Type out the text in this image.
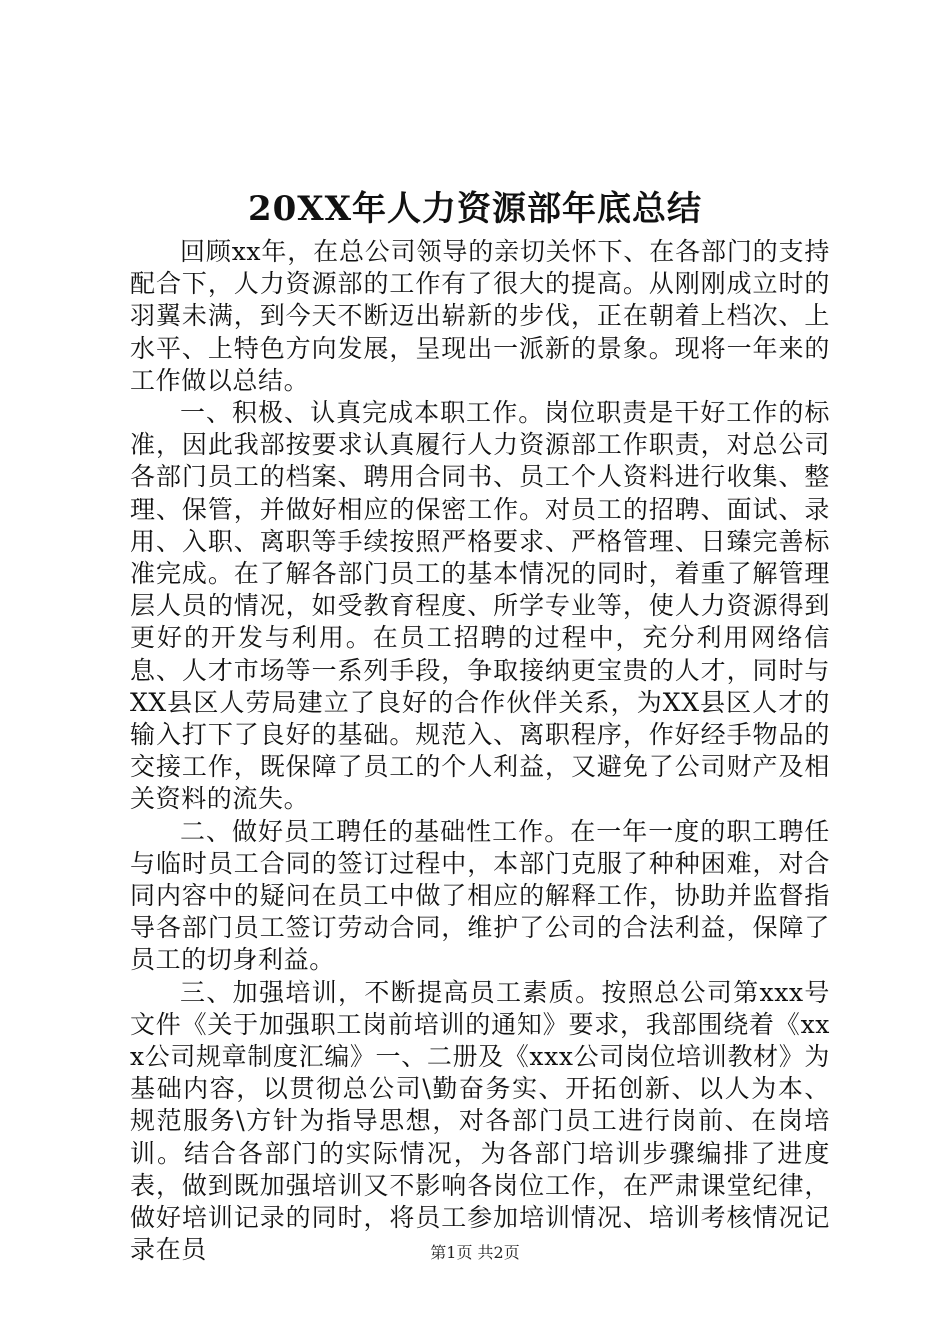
20XX年人力资源部年底总结

回顾xx年，在总公司领导的亲切关怀下、在各部门的支持配合下，人力资源部的工作有了很大的提高。从刚刚成立时的羽翼未满，到今天不断迈出崭新的步伐，正在朝着上档次、上水平、上特色方向发展，呈现出一派新的景象。现将一年来的工作做以总结。

一、积极、认真完成本职工作。岗位职责是干好工作的标准，因此我部按要求认真履行人力资源部工作职责，对总公司各部门员工的档案、聘用合同书、员工个人资料进行收集、整理、保管，并做好相应的保密工作。对员工的招聘、面试、录用、入职、离职等手续按照严格要求、严格管理、日臻完善标准完成。在了解各部门员工的基本情况的同时，着重了解管理层人员的情况，如受教育程度、所学专业等，使人力资源得到更好的开发与利用。在员工招聘的过程中，充分利用网络信息、人才市场等一系列手段，争取接纳更宝贵的人才，同时与XX县区人劳局建立了良好的合作伙伴关系，为XX县区人才的输入打下了良好的基础。规范入、离职程序，作好经手物品的交接工作，既保障了员工的个人利益，又避免了公司财产及相关资料的流失。

二、做好员工聘任的基础性工作。在一年一度的职工聘任与临时员工合同的签订过程中，本部门克服了种种困难，对合同内容中的疑问在员工中做了相应的解释工作，协助并监督指导各部门员工签订劳动合同，维护了公司的合法利益，保障了员工的切身利益。

三、加强培训，不断提高员工素质。按照总公司第xxx号文件《关于加强职工岗前培训的通知》要求，我部围绕着《xxx公司规章制度汇编》一、二册及《xxx公司岗位培训教材》为基础内容，以贯彻总公司\勤奋务实、开拓创新、以人为本、规范服务\方针为指导思想，对各部门员工进行岗前、在岗培训。结合各部门的实际情况，为各部门培训步骤编排了进度表，做到既加强培训又不影响各岗位工作，在严肃课堂纪律，做好培训记录的同时，将员工参加培训情况、培训考核情况记录在员	第1页 共2页
